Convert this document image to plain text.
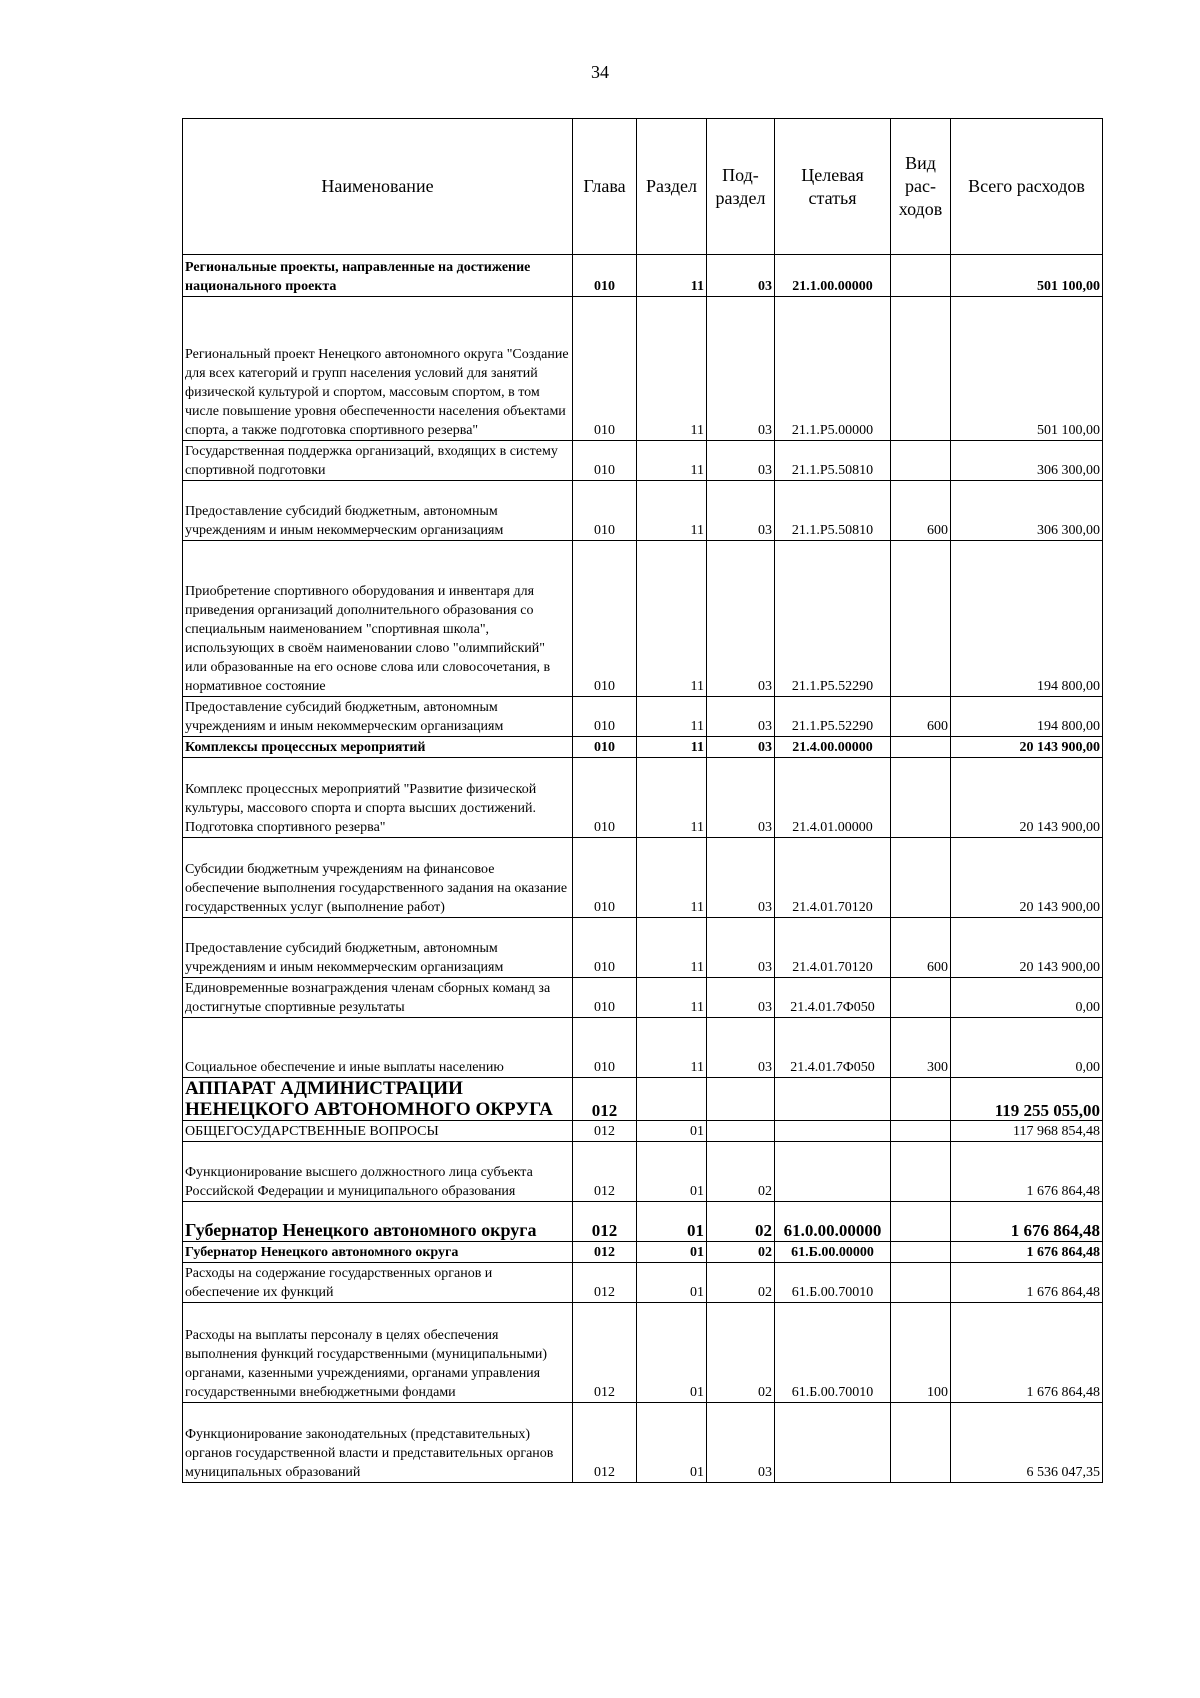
34
Наименование	Глава	Раздел	Под- раздел	Целевая статья	Вид рас- ходов	Всего расходов
Региональные проекты, направленные на достижение национального проекта	010	11	03	21.1.00.00000		501 100,00
Региональный проект Ненецкого автономного округа "Создание для всех категорий и групп населения условий для занятий физической культурой и спортом, массовым спортом, в том числе повышение уровня обеспеченности населения объектами спорта, а также подготовка спортивного резерва"	010	11	03	21.1.Р5.00000		501 100,00
Государственная поддержка организаций, входящих в систему спортивной подготовки	010	11	03	21.1.Р5.50810		306 300,00
Предоставление субсидий бюджетным, автономным учреждениям и иным некоммерческим организациям	010	11	03	21.1.Р5.50810	600	306 300,00
Приобретение спортивного оборудования и инвентаря для приведения организаций дополнительного образования со специальным наименованием "спортивная школа", использующих в своём наименовании слово "олимпийский" или образованные на его основе слова или словосочетания, в нормативное состояние	010	11	03	21.1.Р5.52290		194 800,00
Предоставление субсидий бюджетным, автономным учреждениям и иным некоммерческим организациям	010	11	03	21.1.Р5.52290	600	194 800,00
Комплексы процессных мероприятий	010	11	03	21.4.00.00000		20 143 900,00
Комплекс процессных мероприятий "Развитие физической культуры, массового спорта и спорта высших достижений. Подготовка спортивного резерва"	010	11	03	21.4.01.00000		20 143 900,00
Субсидии бюджетным учреждениям на финансовое обеспечение выполнения государственного задания на оказание государственных услуг (выполнение работ)	010	11	03	21.4.01.70120		20 143 900,00
Предоставление субсидий бюджетным, автономным учреждениям и иным некоммерческим организациям	010	11	03	21.4.01.70120	600	20 143 900,00
Единовременные вознаграждения членам сборных команд за достигнутые спортивные результаты	010	11	03	21.4.01.7Ф050		0,00
Социальное обеспечение и иные выплаты населению	010	11	03	21.4.01.7Ф050	300	0,00
АППАРАТ АДМИНИСТРАЦИИ НЕНЕЦКОГО АВТОНОМНОГО ОКРУГА	012					119 255 055,00
ОБЩЕГОСУДАРСТВЕННЫЕ ВОПРОСЫ	012	01				117 968 854,48
Функционирование высшего должностного лица субъекта Российской Федерации и муниципального образования	012	01	02			1 676 864,48
Губернатор Ненецкого автономного округа	012	01	02	61.0.00.00000		1 676 864,48
Губернатор Ненецкого автономного округа	012	01	02	61.Б.00.00000		1 676 864,48
Расходы на содержание государственных органов и обеспечение их функций	012	01	02	61.Б.00.70010		1 676 864,48
Расходы на выплаты персоналу в целях обеспечения выполнения функций государственными (муниципальными) органами, казенными учреждениями, органами управления государственными внебюджетными фондами	012	01	02	61.Б.00.70010	100	1 676 864,48
Функционирование законодательных (представительных) органов государственной власти и представительных органов муниципальных образований	012	01	03			6 536 047,35
